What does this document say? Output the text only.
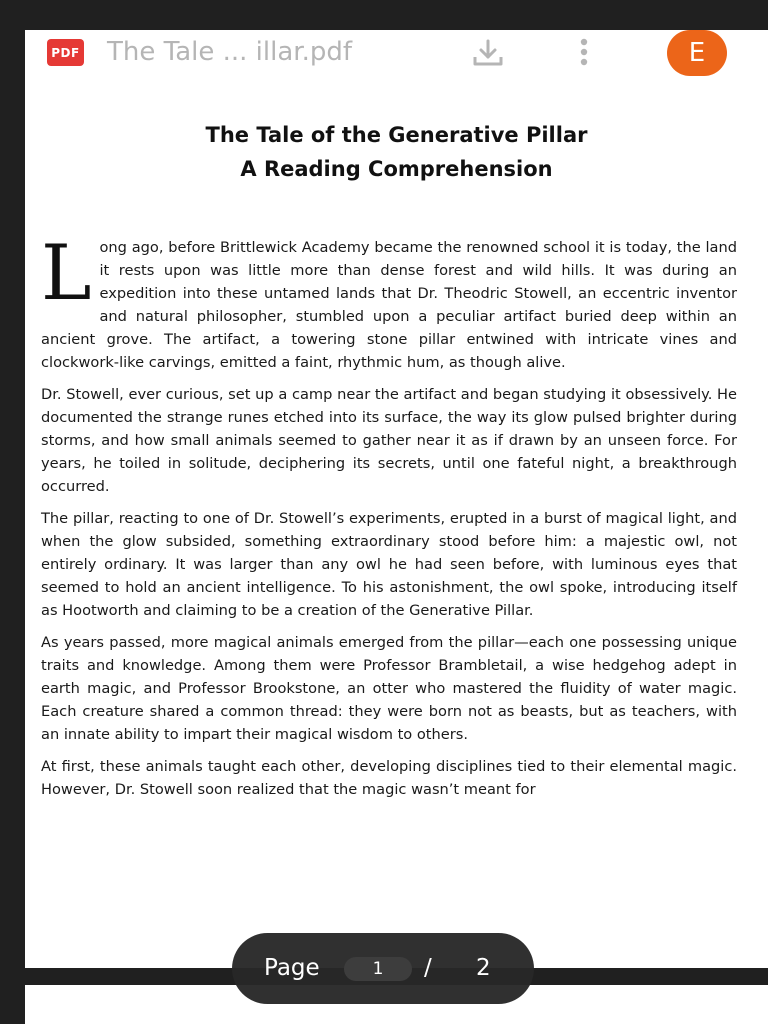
PDF The Tale ... illar.pdf	E
The Tale of the Generative Pillar
A Reading Comprehension

Long ago, before Brittlewick Academy became the renowned school it is today, the land it rests upon was little more than dense forest and wild hills. It was during an expedition into these untamed lands that Dr. Theodric Stowell, an eccentric inventor and natural philosopher, stumbled upon a peculiar artifact buried deep within an ancient grove. The artifact, a towering stone pillar entwined with intricate vines and clockwork-like carvings, emitted a faint, rhythmic hum, as though alive.

Dr. Stowell, ever curious, set up a camp near the artifact and began studying it obsessively. He documented the strange runes etched into its surface, the way its glow pulsed brighter during storms, and how small animals seemed to gather near it as if drawn by an unseen force. For years, he toiled in solitude, deciphering its secrets, until one fateful night, a breakthrough occurred.

The pillar, reacting to one of Dr. Stowell’s experiments, erupted in a burst of magical light, and when the glow subsided, something extraordinary stood before him: a majestic owl, not entirely ordinary. It was larger than any owl he had seen before, with luminous eyes that seemed to hold an ancient intelligence. To his astonishment, the owl spoke, introducing itself as Hootworth and claiming to be a creation of the Generative Pillar.

As years passed, more magical animals emerged from the pillar—each one possessing unique traits and knowledge. Among them were Professor Brambletail, a wise hedgehog adept in earth magic, and Professor Brookstone, an otter who mastered the fluidity of water magic. Each creature shared a common thread: they were born not as beasts, but as teachers, with an innate ability to impart their magical wisdom to others.

At first, these animals taught each other, developing disciplines tied to their elemental magic. However, Dr. Stowell soon realized that the magic wasn’t meant for

Page	1	/ 2
